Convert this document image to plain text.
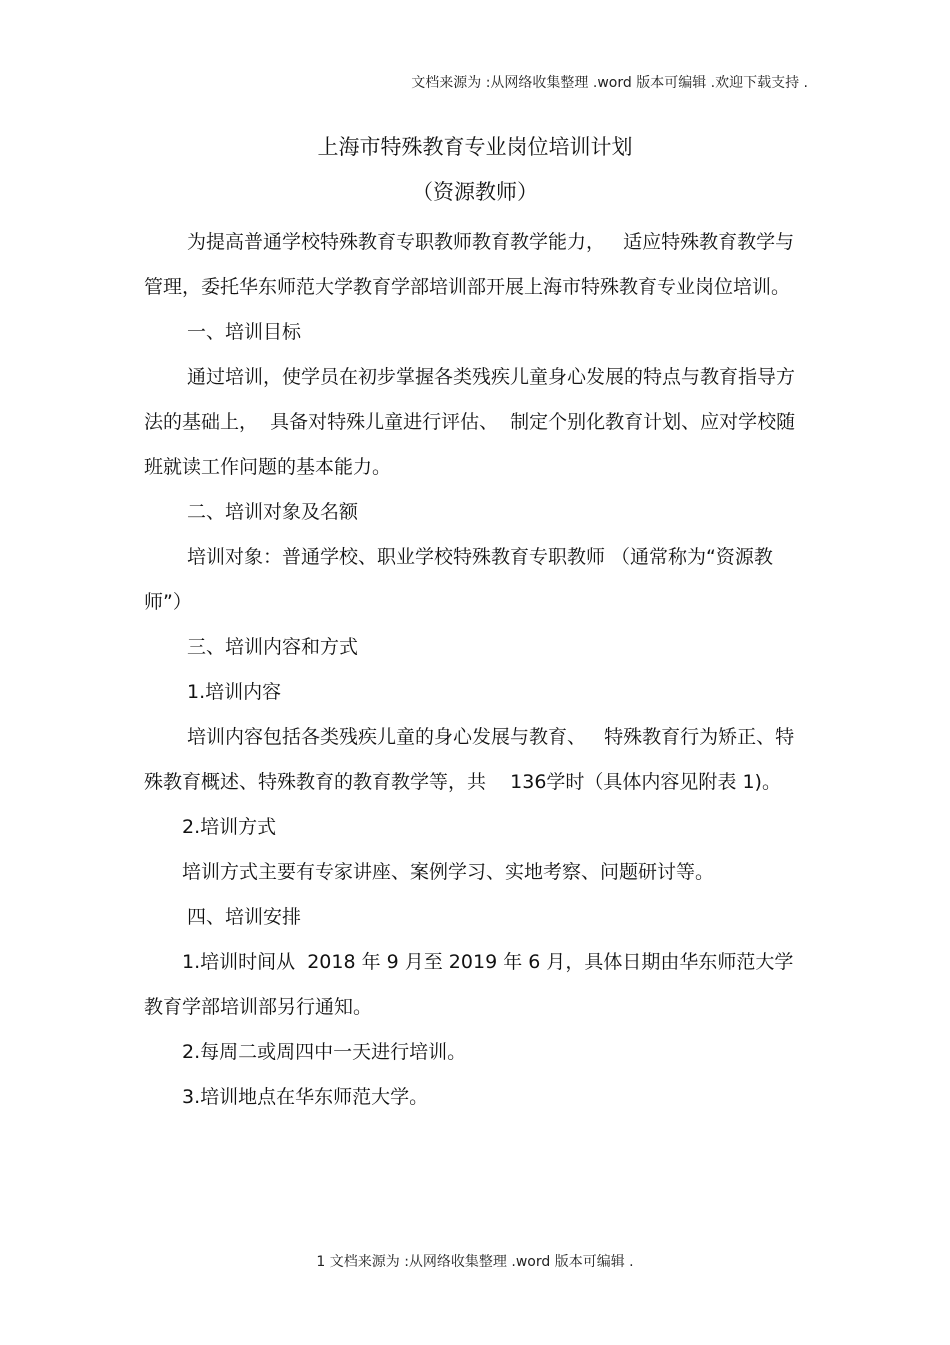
文档来源为 :从网络收集整理 .word 版本可编辑 .欢迎下载支持 .
上海市特殊教育专业岗位培训计划
（资源教师）

为提高普通学校特殊教育专职教师教育教学能力，   适应特殊教育教学与管理，委托华东师范大学教育学部培训部开展上海市特殊教育专业岗位培训。

一、培训目标

通过培训，使学员在初步掌握各类残疾儿童身心发展的特点与教育指导方法的基础上，  具备对特殊儿童进行评估、  制定个别化教育计划、应对学校随班就读工作问题的基本能力。

二、培训对象及名额

培训对象：普通学校、职业学校特殊教育专职教师 （通常称为“资源教师”）

三、培训内容和方式

1.培训内容

培训内容包括各类残疾儿童的身心发展与教育、   特殊教育行为矫正、特殊教育概述、特殊教育的教育教学等，共    136学时（具体内容见附表 1)。

2.培训方式

培训方式主要有专家讲座、案例学习、实地考察、问题研讨等。

四、培训安排

1.培训时间从  2018 年 9 月至 2019 年 6 月，具体日期由华东师范大学教育学部培训部另行通知。

2.每周二或周四中一天进行培训。

3.培训地点在华东师范大学。

1 文档来源为 :从网络收集整理 .word 版本可编辑 .
